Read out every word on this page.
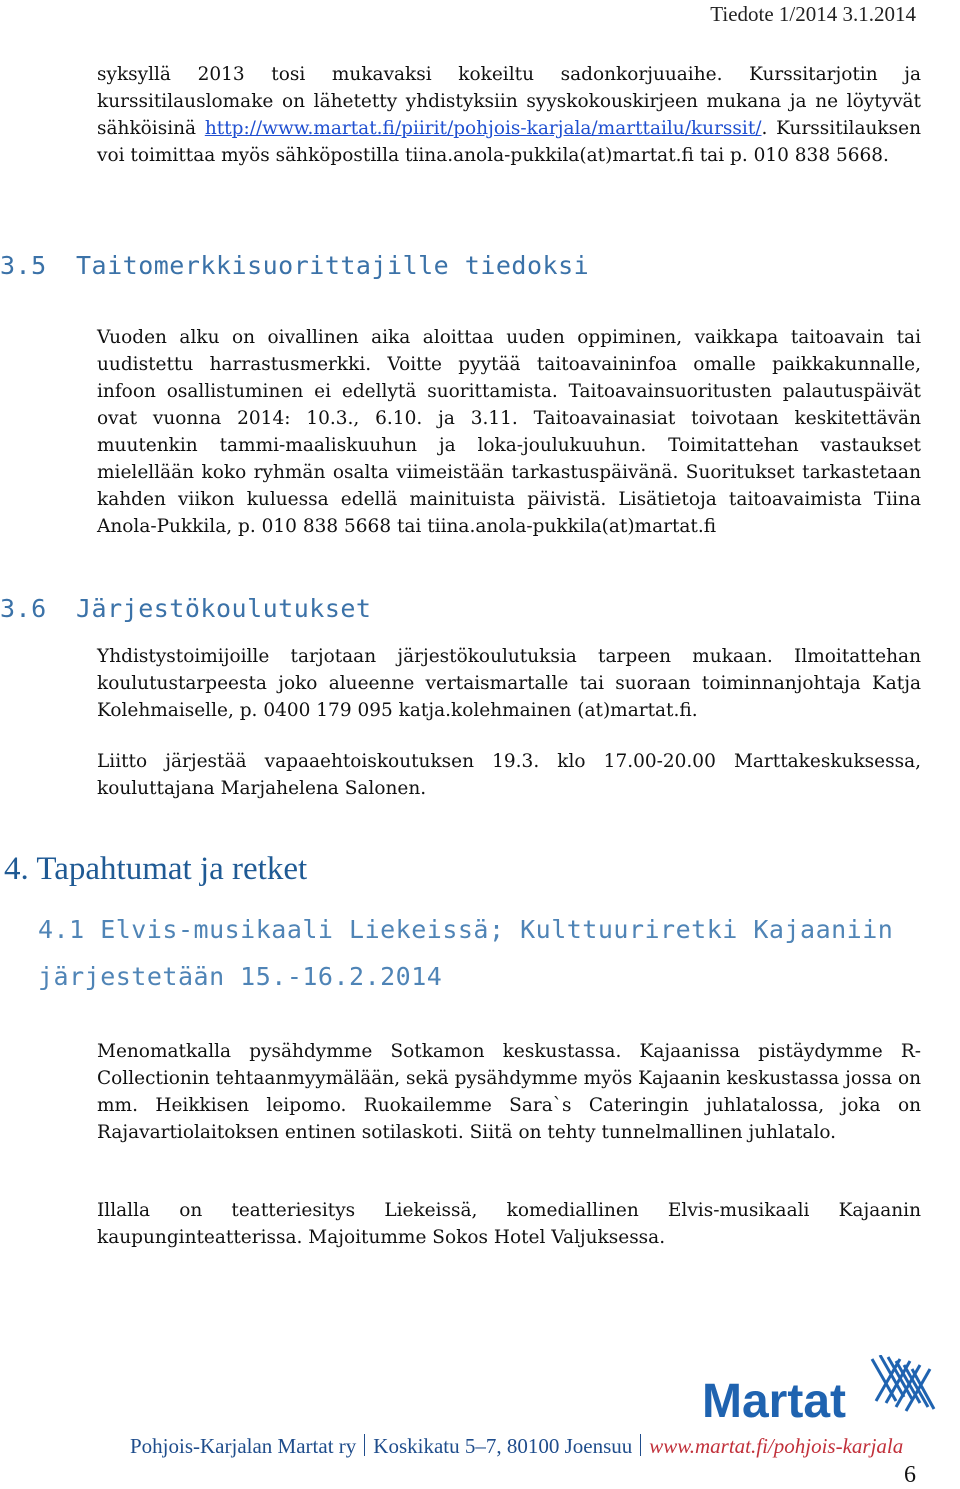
Tiedote 1/2014 3.1.2014

syksyllä 2013 tosi mukavaksi kokeiltu sadonkorjuuaihe. Kurssitarjotin ja kurssitilauslomake on lähetetty yhdistyksiin syyskokouskirjeen mukana ja ne löytyvät sähköisinä http://www.martat.fi/piirit/pohjois-karjala/marttailu/kurssit/. Kurssitilauksen voi toimittaa myös sähköpostilla tiina.anola-pukkila(at)martat.fi tai p. 010 838 5668.

3.5 Taitomerkkisuorittajille tiedoksi

Vuoden alku on oivallinen aika aloittaa uuden oppiminen, vaikkapa taitoavain tai uudistettu harrastusmerkki. Voitte pyytää taitoavaininfoa omalle paikkakunnalle, infoon osallistuminen ei edellytä suorittamista. Taitoavainsuoritusten palautuspäivät ovat vuonna 2014: 10.3., 6.10. ja 3.11. Taitoavainasiat toivotaan keskitettävän muutenkin tammi-maaliskuuhun ja loka-joulukuuhun. Toimitattehan vastaukset mielellään koko ryhmän osalta viimeistään tarkastuspäivänä. Suoritukset tarkastetaan kahden viikon kuluessa edellä mainituista päivistä. Lisätietoja taitoavaimista Tiina Anola-Pukkila, p. 010 838 5668 tai tiina.anola-pukkila(at)martat.fi

3.6 Järjestökoulutukset

Yhdistystoimijoille tarjotaan järjestökoulutuksia tarpeen mukaan. Ilmoitattehan koulutustarpeesta joko alueenne vertaismartalle tai suoraan toiminnanjohtaja Katja Kolehmaiselle, p. 0400 179 095 katja.kolehmainen (at)martat.fi.

Liitto järjestää vapaaehtoiskoutuksen 19.3. klo 17.00-20.00 Marttakeskuksessa, kouluttajana Marjahelena Salonen.

4. Tapahtumat ja retket
4.1 Elvis-musikaali Liekeissä; Kulttuuriretki Kajaaniin
järjestetään 15.-16.2.2014

Menomatkalla pysähdymme Sotkamon keskustassa. Kajaanissa pistäydymme R-Collectionin tehtaanmyymälään, sekä pysähdymme myös Kajaanin keskustassa jossa on mm. Heikkisen leipomo. Ruokailemme Sara`s Cateringin juhlatalossa, joka on Rajavartiolaitoksen entinen sotilaskoti. Siitä on tehty tunnelmallinen juhlatalo.

Illalla on teatteriesitys Liekeissä, komediallinen Elvis-musikaali Kajaanin kaupunginteatterissa. Majoitumme Sokos Hotel Valjuksessa.

Martat
Pohjois-Karjalan Martat ry Koskikatu 5–7, 80100 Joensuu www.martat.fi/pohjois-karjala
6
